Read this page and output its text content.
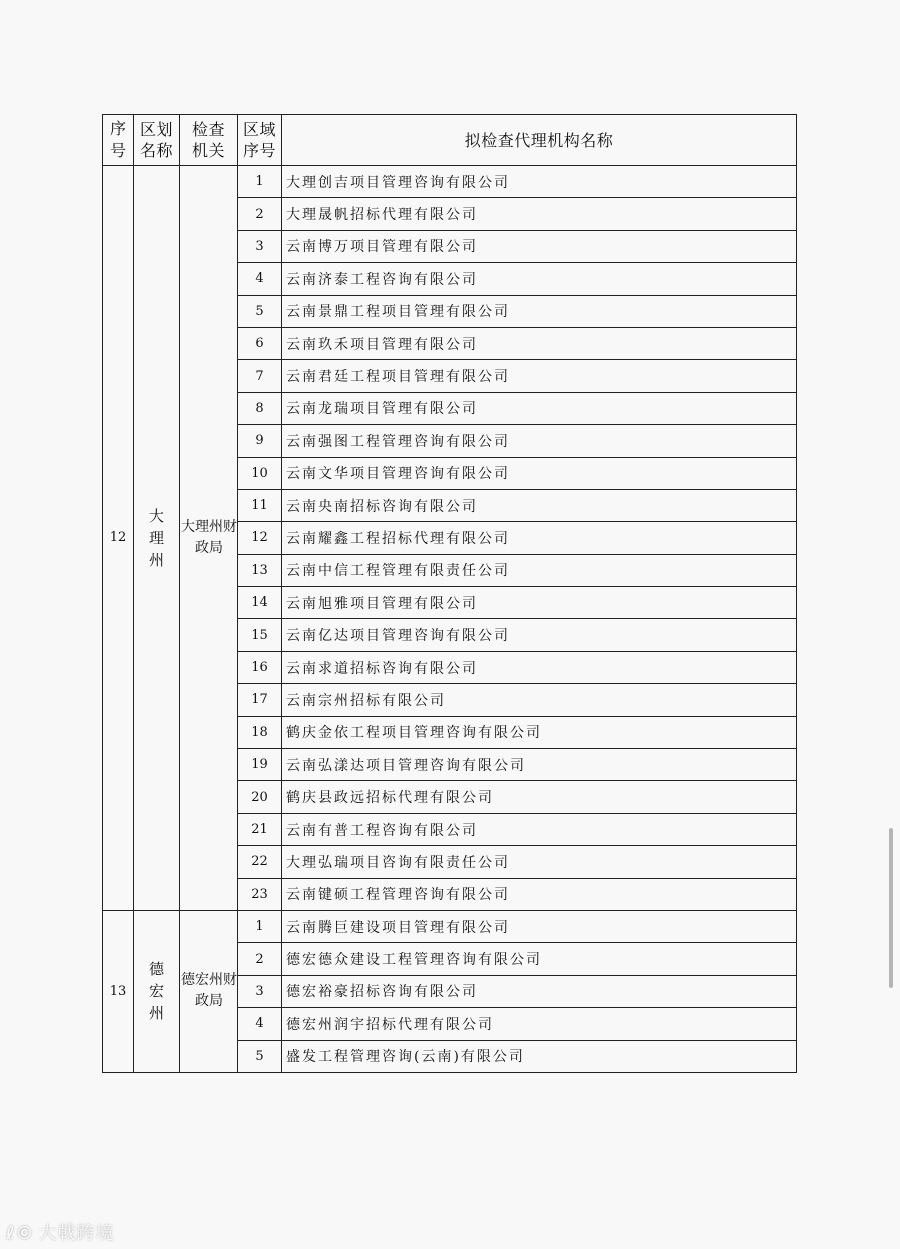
序号	区划名称	检查机关	区域序号	拟检查代理机构名称
12	大理州	大理州财政局	1	大理创吉项目管理咨询有限公司
			2	大理晟帆招标代理有限公司
			3	云南博万项目管理有限公司
			4	云南济泰工程咨询有限公司
			5	云南景鼎工程项目管理有限公司
			6	云南玖禾项目管理有限公司
			7	云南君廷工程项目管理有限公司
			8	云南龙瑞项目管理有限公司
			9	云南强图工程管理咨询有限公司
			10	云南文华项目管理咨询有限公司
			11	云南央南招标咨询有限公司
			12	云南耀鑫工程招标代理有限公司
			13	云南中信工程管理有限责任公司
			14	云南旭雅项目管理有限公司
			15	云南亿达项目管理咨询有限公司
			16	云南求道招标咨询有限公司
			17	云南宗州招标有限公司
			18	鹤庆金依工程项目管理咨询有限公司
			19	云南弘漾达项目管理咨询有限公司
			20	鹤庆县政远招标代理有限公司
			21	云南有普工程咨询有限公司
			22	大理弘瑞项目咨询有限责任公司
			23	云南键硕工程管理咨询有限公司
13	德宏州	德宏州财政局	1	云南腾巨建设项目管理有限公司
			2	德宏德众建设工程管理咨询有限公司
			3	德宏裕豪招标咨询有限公司
			4	德宏州润宇招标代理有限公司
			5	盛发工程管理咨询(云南)有限公司
ℓ© 大戟跨境
